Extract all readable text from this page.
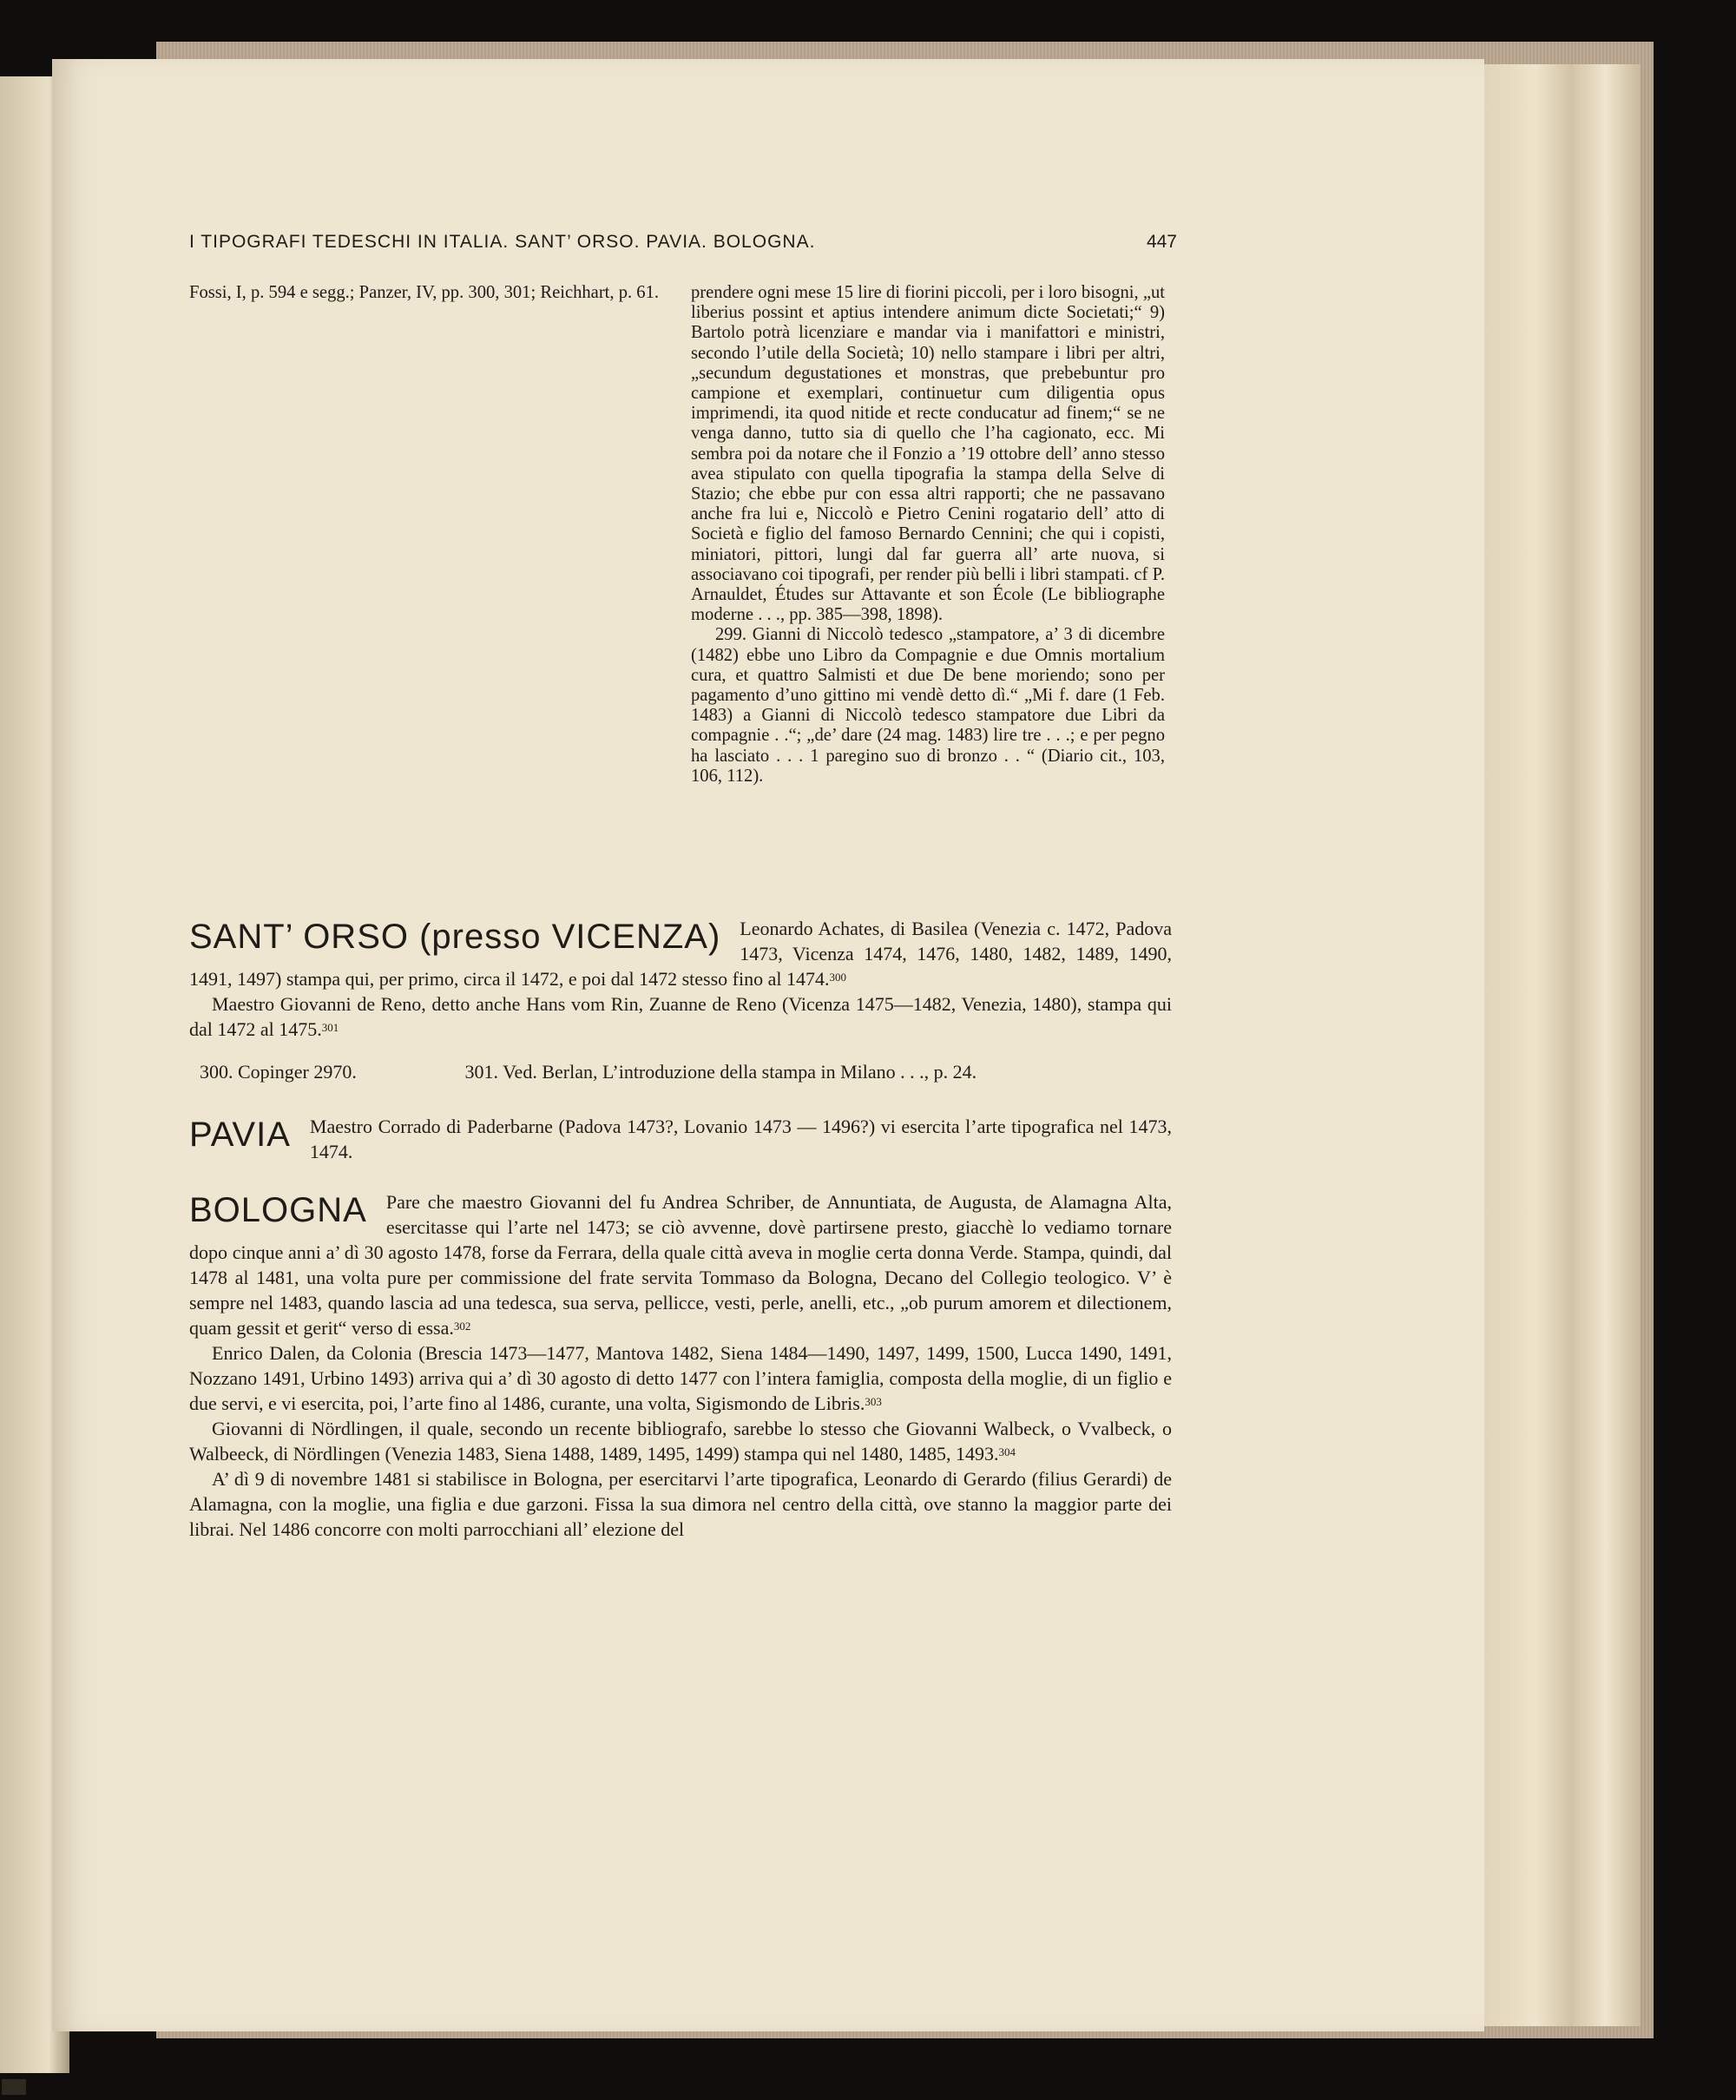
I TIPOGRAFI TEDESCHI IN ITALIA. SANT’ ORSO. PAVIA. BOLOGNA.	447

Fossi, I, p. 594 e segg.; Panzer, IV, pp. 300, 301; Reichhart, p. 61. prendere ogni mese 15 lire di fiorini piccoli, per i loro bisogni, „ut liberius possint et aptius intendere animum dicte Societati;“ 9) Bartolo potrà licenziare e mandar via i manifattori e ministri, secondo l’utile della Società; 10) nello stampare i libri per altri, „secundum degustationes et monstras, que prebebuntur pro campione et exemplari, continuetur cum diligentia opus imprimendi, ita quod nitide et recte conducatur ad finem;“ se ne venga danno, tutto sia di quello che l’ha cagionato, ecc. Mi sembra poi da notare che il Fonzio a ’19 ottobre dell’ anno stesso avea stipulato con quella tipografia la stampa della Selve di Stazio; che ebbe pur con essa altri rapporti; che ne passavano anche fra lui e, Niccolò e Pietro Cenini rogatario dell’ atto di Società e figlio del famoso Bernardo Cennini; che qui i copisti, miniatori, pittori, lungi dal far guerra all’ arte nuova, si associavano coi tipografi, per render più belli i libri stampati. cf P. Arnauldet, Études sur Attavante et son École (Le bibliographe moderne . . ., pp. 385—398, 1898).

299. Gianni di Niccolò tedesco „stampatore, a’ 3 di dicembre (1482) ebbe uno Libro da Compagnie e due Omnis mortalium cura, et quattro Salmisti et due De bene moriendo; sono per pagamento d’uno gittino mi vendè detto dì.“ „Mi f. dare (1 Feb. 1483) a Gianni di Niccolò tedesco stampatore due Libri da compagnie . .“; „de’ dare (24 mag. 1483) lire tre . . .; e per pegno ha lasciato . . . 1 paregino suo di bronzo . . “ (Diario cit., 103, 106, 112).

SANT’ ORSO (presso VICENZA) Leonardo Achates, di Basilea (Venezia c. 1472, Padova 1473, Vicenza 1474, 1476, 1480, 1482, 1489, 1490, 1491, 1497) stampa qui, per primo, circa il 1472, e poi dal 1472 stesso fino al 1474.$^{300}$

Maestro Giovanni de Reno, detto anche Hans vom Rin, Zuanne de Reno (Vicenza 1475—1482, Venezia, 1480), stampa qui dal 1472 al 1475.$^{301}$

300. Copinger 2970.	301. Ved. Berlan, L’introduzione della stampa in Milano . . ., p. 24.

PAVIA Maestro Corrado di Paderbarne (Padova 1473?, Lovanio 1473 — 1496?) vi esercita l’arte tipografica nel 1473, 1474.

BOLOGNA Pare che maestro Giovanni del fu Andrea Schriber, de Annuntiata, de Augusta, de Alamagna Alta, esercitasse qui l’arte nel 1473; se ciò avvenne, dovè partirsene presto, giacchè lo vediamo tornare dopo cinque anni a’ dì 30 agosto 1478, forse da Ferrara, della quale città aveva in moglie certa donna Verde. Stampa, quindi, dal 1478 al 1481, una volta pure per commissione del frate servita Tommaso da Bologna, Decano del Collegio teologico. V’ è sempre nel 1483, quando lascia ad una tedesca, sua serva, pellicce, vesti, perle, anelli, etc., „ob purum amorem et dilectionem, quam gessit et gerit“ verso di essa.$^{302}$

Enrico Dalen, da Colonia (Brescia 1473—1477, Mantova 1482, Siena 1484—1490, 1497, 1499, 1500, Lucca 1490, 1491, Nozzano 1491, Urbino 1493) arriva qui a’ dì 30 agosto di detto 1477 con l’intera famiglia, composta della moglie, di un figlio e due servi, e vi esercita, poi, l’arte fino al 1486, curante, una volta, Sigismondo de Libris.$^{303}$

Giovanni di Nördlingen, il quale, secondo un recente bibliografo, sarebbe lo stesso che Giovanni Walbeck, o Vvalbeck, o Walbeeck, di Nördlingen (Venezia 1483, Siena 1488, 1489, 1495, 1499) stampa qui nel 1480, 1485, 1493.$^{304}$

A’ dì 9 di novembre 1481 si stabilisce in Bologna, per esercitarvi l’arte tipografica, Leonardo di Gerardo (filius Gerardi) de Alamagna, con la moglie, una figlia e due garzoni. Fissa la sua dimora nel centro della città, ove stanno la maggior parte dei librai. Nel 1486 concorre con molti parrocchiani all’ elezione del
